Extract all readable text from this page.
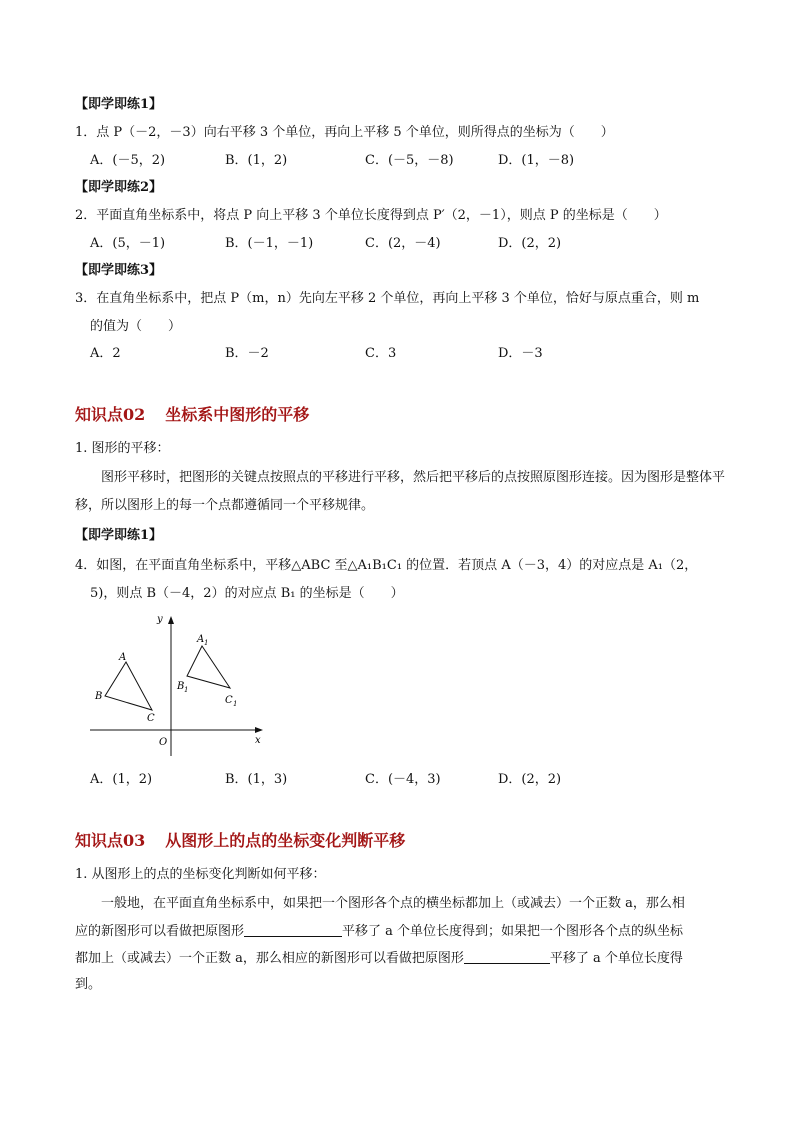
【即学即练1】
1．点 P（－2，－3）向右平移 3 个单位，再向上平移 5 个单位，则所得点的坐标为（　　）
A．(－5，2)	B．(1，2)	C．(－5，－8)	D．(1，－8)
【即学即练2】
2．平面直角坐标系中，将点 P 向上平移 3 个单位长度得到点 P′（2，－1），则点 P 的坐标是（　　）
A．(5，－1)	B．(－1，－1)	C．(2，－4)	D．(2，2)
【即学即练3】
3．在直角坐标系中，把点 P（m，n）先向左平移 2 个单位，再向上平移 3 个单位，恰好与原点重合，则 m
的值为（　　）
A．2	B．－2	C．3	D．－3
知识点02 坐标系中图形的平移
1. 图形的平移：
　　图形平移时，把图形的关键点按照点的平移进行平移，然后把平移后的点按照原图形连接。因为图形是整体平移，所以图形上的每一个点都遵循同一个平移规律。
【即学即练1】
4．如图，在平面直角坐标系中，平移△ABC 至△A₁B₁C₁ 的位置．若顶点 A（－3，4）的对应点是 A₁（2，
5)，则点 B（－4，2）的对应点 B₁ 的坐标是（　　）
y
x
O
A
B
C
A 1
B 1
C 1
A．(1，2)	B．(1，3)	C．(－4，3)	D．(2，2)
知识点03 从图形上的点的坐标变化判断平移
1. 从图形上的点的坐标变化判断如何平移：
　　一般地，在平面直角坐标系中，如果把一个图形各个点的横坐标都加上（或减去）一个正数 a，那么相
应的新图形可以看做把原图形	平移了 a 个单位长度得到；如果把一个图形各个点的纵坐标
都加上（或减去）一个正数 a，那么相应的新图形可以看做把原图形	平移了 a 个单位长度得
到。
